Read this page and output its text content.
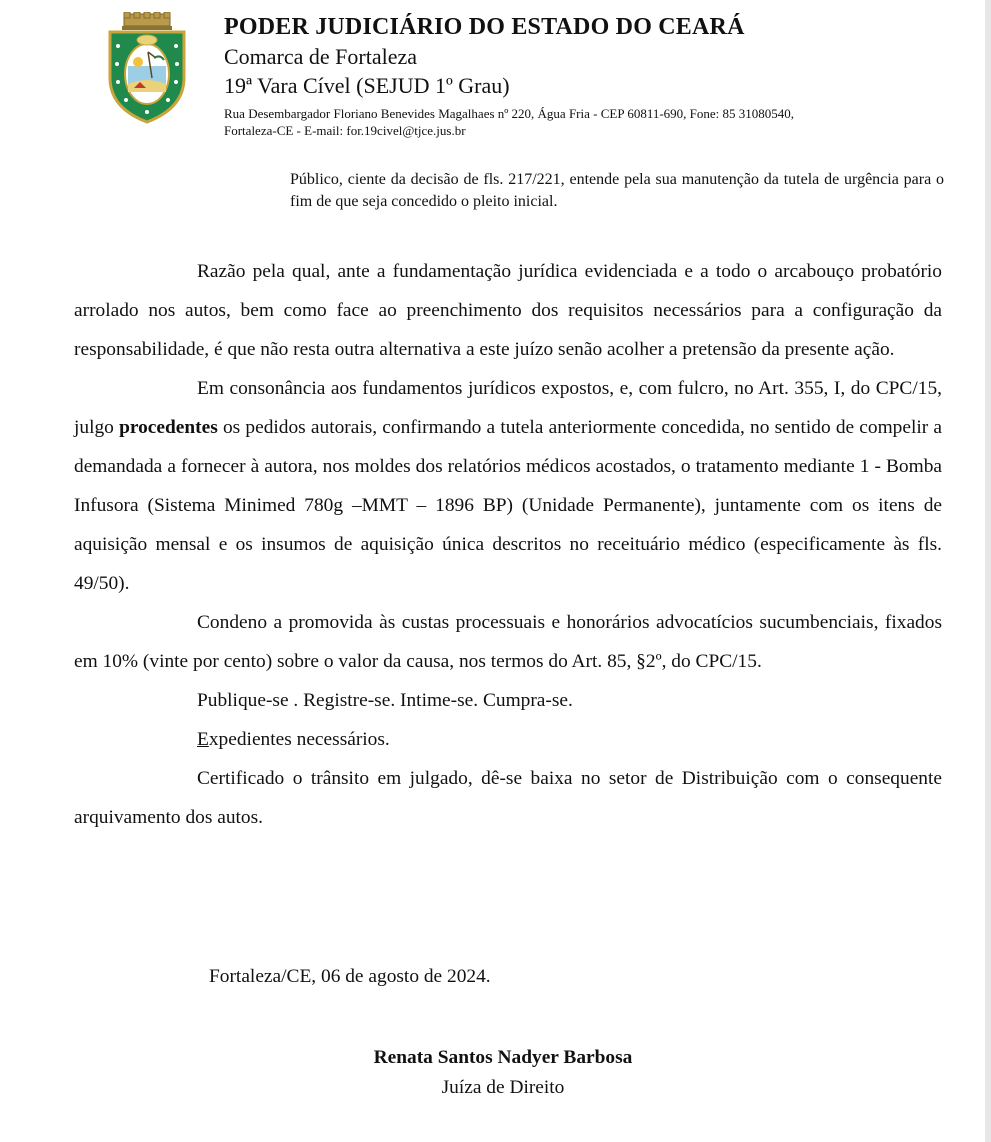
PODER JUDICIÁRIO DO ESTADO DO CEARÁ
Comarca de Fortaleza
19ª Vara Cível (SEJUD 1º Grau)
Rua Desembargador Floriano Benevides Magalhaes nº 220, Água Fria - CEP 60811-690, Fone: 85 31080540,
Fortaleza-CE - E-mail: for.19civel@tjce.jus.br
Público, ciente da decisão de fls. 217/221, entende pela sua manutenção da tutela de urgência para o fim de que seja concedido o pleito inicial.

Razão pela qual, ante a fundamentação jurídica evidenciada e a todo o arcabouço probatório arrolado nos autos, bem como face ao preenchimento dos requisitos necessários para a configuração da responsabilidade, é que não resta outra alternativa a este juízo senão acolher a pretensão da presente ação.

Em consonância aos fundamentos jurídicos expostos, e, com fulcro, no Art. 355, I, do CPC/15, julgo procedentes os pedidos autorais, confirmando a tutela anteriormente concedida, no sentido de compelir a demandada a fornecer à autora, nos moldes dos relatórios médicos acostados, o tratamento mediante 1 - Bomba Infusora (Sistema Minimed 780g –MMT – 1896 BP) (Unidade Permanente), juntamente com os itens de aquisição mensal e os insumos de aquisição única descritos no receituário médico (especificamente às fls. 49/50).

Condeno a promovida às custas processuais e honorários advocatícios sucumbenciais, fixados em 10% (vinte por cento) sobre o valor da causa, nos termos do Art. 85, §2º, do CPC/15.

Publique-se . Registre-se. Intime-se. Cumpra-se.

Expedientes necessários.

Certificado o trânsito em julgado, dê-se baixa no setor de Distribuição com o consequente arquivamento dos autos.

Fortaleza/CE, 06 de agosto de 2024.
Renata Santos Nadyer Barbosa
Juíza de Direito
